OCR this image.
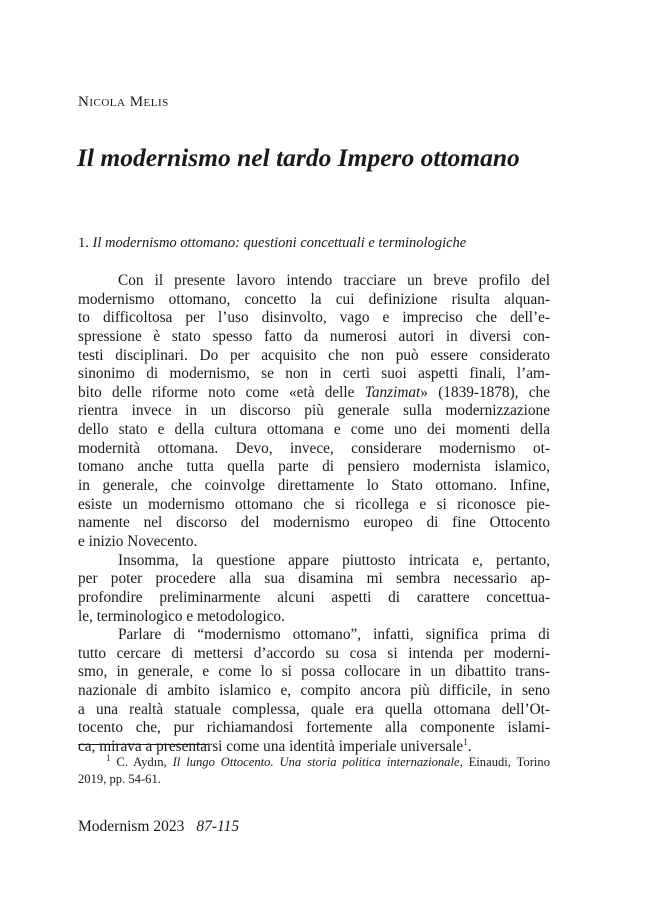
Nicola Melis
Il modernismo nel tardo Impero ottomano
1. Il modernismo ottomano: questioni concettuali e terminologiche
Con il presente lavoro intendo tracciare un breve profilo del
modernismo ottomano, concetto la cui definizione risulta alquan-
to difficoltosa per l’uso disinvolto, vago e impreciso che dell’e-
spressione è stato spesso fatto da numerosi autori in diversi con-
testi disciplinari. Do per acquisito che non può essere considerato
sinonimo di modernismo, se non in certi suoi aspetti finali, l’am-
bito delle riforme noto come «età delle Tanzimat» (1839-1878), che
rientra invece in un discorso più generale sulla modernizzazione
dello stato e della cultura ottomana e come uno dei momenti della
modernità ottomana. Devo, invece, considerare modernismo ot-
tomano anche tutta quella parte di pensiero modernista islamico,
in generale, che coinvolge direttamente lo Stato ottomano. Infine,
esiste un modernismo ottomano che si ricollega e si riconosce pie-
namente nel discorso del modernismo europeo di fine Ottocento
e inizio Novecento.
Insomma, la questione appare piuttosto intricata e, pertanto,
per poter procedere alla sua disamina mi sembra necessario ap-
profondire preliminarmente alcuni aspetti di carattere concettua-
le, terminologico e metodologico.
Parlare di “modernismo ottomano”, infatti, significa prima di
tutto cercare di mettersi d’accordo su cosa si intenda per moderni-
smo, in generale, e come lo si possa collocare in un dibattito trans-
nazionale di ambito islamico e, compito ancora più difficile, in seno
a una realtà statuale complessa, quale era quella ottomana dell’Ot-
tocento che, pur richiamandosi fortemente alla componente islami-
ca, mirava a presentarsi come una identità imperiale universale$^1$.
$^1$ C. Aydın, Il lungo Ottocento. Una storia politica internazionale, Einaudi, Torino
2019, pp. 54-61.
Modernism 2023 87-115
